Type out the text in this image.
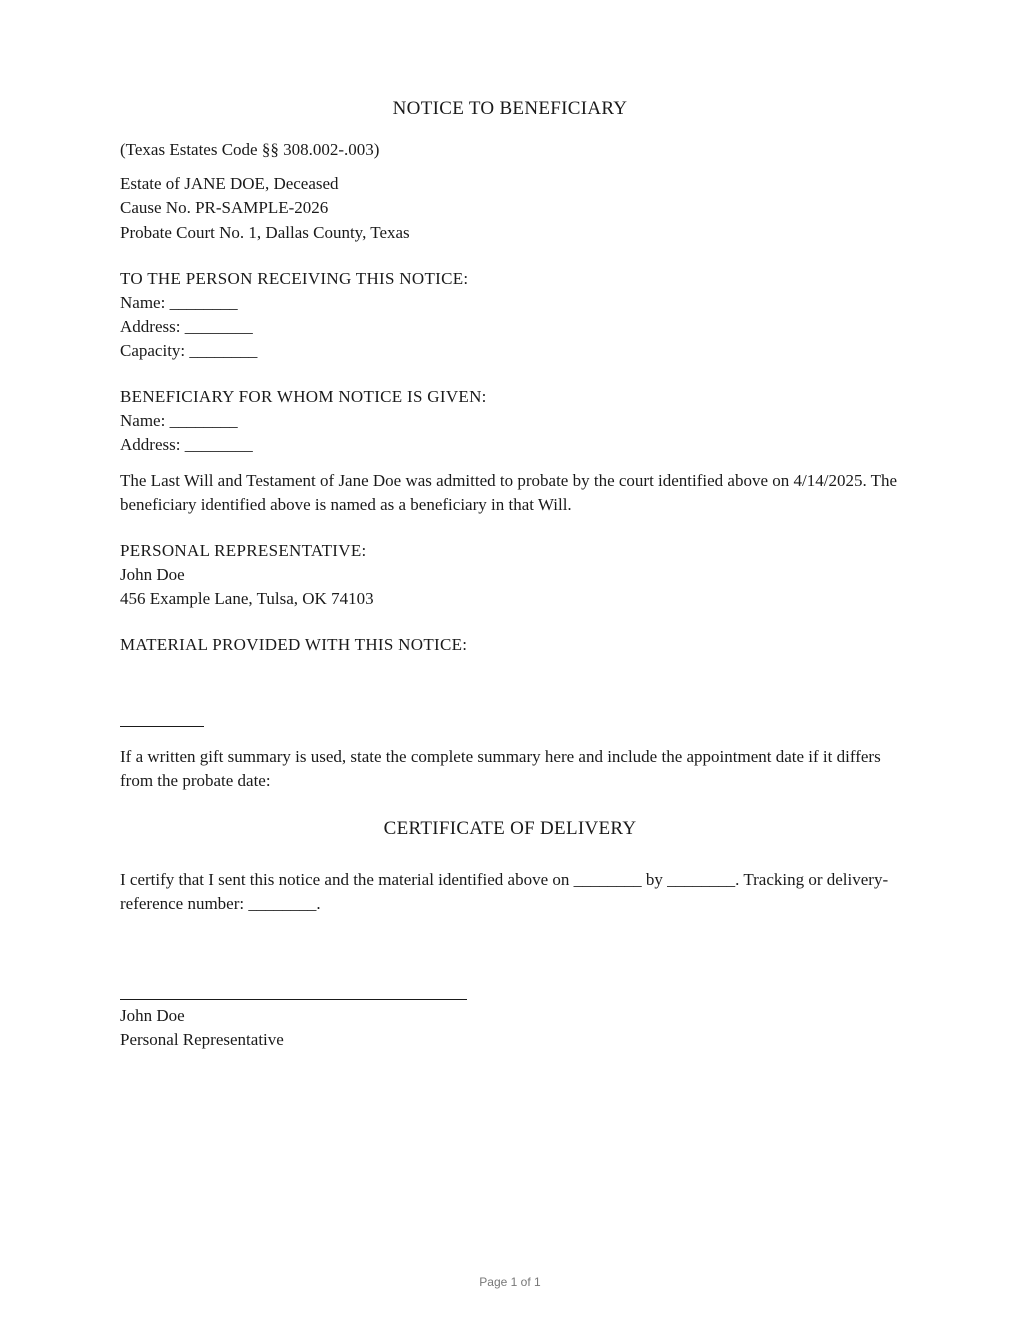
NOTICE TO BENEFICIARY
(Texas Estates Code §§ 308.002-.003)
Estate of JANE DOE, Deceased
Cause No. PR-SAMPLE-2026
Probate Court No. 1, Dallas County, Texas
TO THE PERSON RECEIVING THIS NOTICE:
Name: ________
Address: ________
Capacity: ________
BENEFICIARY FOR WHOM NOTICE IS GIVEN:
Name: ________
Address: ________
The Last Will and Testament of Jane Doe was admitted to probate by the court identified above on 4/14/2025. The beneficiary identified above is named as a beneficiary in that Will.
PERSONAL REPRESENTATIVE:
John Doe
456 Example Lane, Tulsa, OK 74103
MATERIAL PROVIDED WITH THIS NOTICE:
If a written gift summary is used, state the complete summary here and include the appointment date if it differs from the probate date:
CERTIFICATE OF DELIVERY
I certify that I sent this notice and the material identified above on ________ by ________. Tracking or delivery-reference number: ________.
John Doe
Personal Representative
Page 1 of 1
